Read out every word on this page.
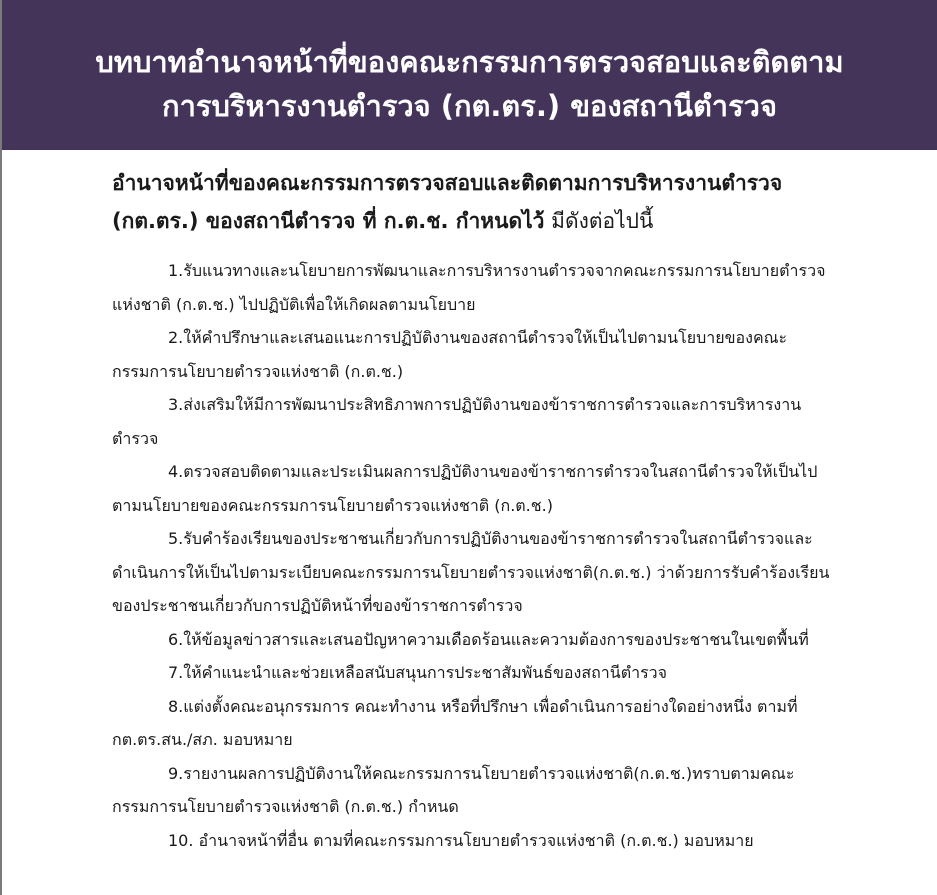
บทบาทอำนาจหน้าที่ของคณะกรรมการตรวจสอบและติดตาม
การบริหารงานตำรวจ (กต.ตร.) ของสถานีตำรวจ

อำนาจหน้าที่ของคณะกรรมการตรวจสอบและติดตามการบริหารงานตำรวจ (กต.ตร.) ของสถานีตำรวจ ที่ ก.ต.ช. กำหนดไว้ มีดังต่อไปนี้

1.รับแนวทางและนโยบายการพัฒนาและการบริหารงานตำรวจจากคณะกรรมการนโยบายตำรวจแห่งชาติ (ก.ต.ช.) ไปปฏิบัติเพื่อให้เกิดผลตามนโยบาย

2.ให้คำปรึกษาและเสนอแนะการปฏิบัติงานของสถานีตำรวจให้เป็นไปตามนโยบายของคณะกรรมการนโยบายตำรวจแห่งชาติ (ก.ต.ช.)

3.ส่งเสริมให้มีการพัฒนาประสิทธิภาพการปฏิบัติงานของข้าราชการตำรวจและการบริหารงานตำรวจ

4.ตรวจสอบติดตามและประเมินผลการปฏิบัติงานของข้าราชการตำรวจในสถานีตำรวจให้เป็นไปตามนโยบายของคณะกรรมการนโยบายตำรวจแห่งชาติ (ก.ต.ช.)

5.รับคำร้องเรียนของประชาชนเกี่ยวกับการปฏิบัติงานของข้าราชการตำรวจในสถานีตำรวจและดำเนินการให้เป็นไปตามระเบียบคณะกรรมการนโยบายตำรวจแห่งชาติ(ก.ต.ช.) ว่าด้วยการรับคำร้องเรียนของประชาชนเกี่ยวกับการปฏิบัติหน้าที่ของข้าราชการตำรวจ

6.ให้ข้อมูลข่าวสารและเสนอปัญหาความเดือดร้อนและความต้องการของประชาชนในเขตพื้นที่

7.ให้คำแนะนำและช่วยเหลือสนับสนุนการประชาสัมพันธ์ของสถานีตำรวจ

8.แต่งตั้งคณะอนุกรรมการ คณะทำงาน หรือที่ปรึกษา เพื่อดำเนินการอย่างใดอย่างหนึ่ง ตามที่ กต.ตร.สน./สภ. มอบหมาย

9.รายงานผลการปฏิบัติงานให้คณะกรรมการนโยบายตำรวจแห่งชาติ(ก.ต.ช.)ทราบตามคณะกรรมการนโยบายตำรวจแห่งชาติ (ก.ต.ช.) กำหนด

10. อำนาจหน้าที่อื่น ตามที่คณะกรรมการนโยบายตำรวจแห่งชาติ (ก.ต.ช.) มอบหมาย
